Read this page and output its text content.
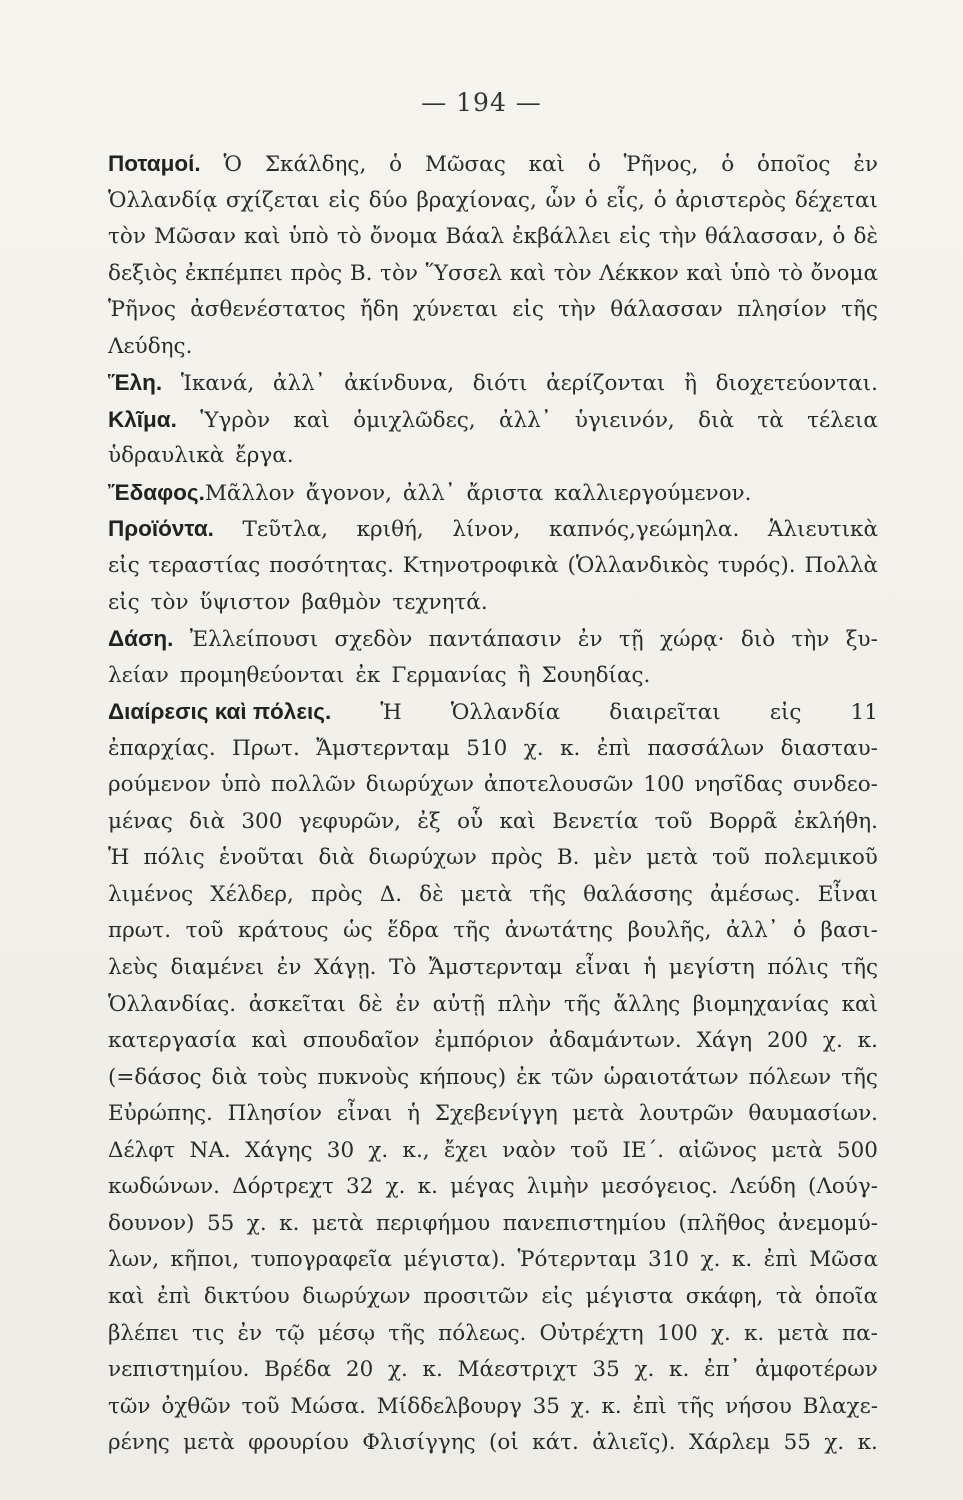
— 194 —
Ποταμοί. Ὁ Σκάλδης, ὁ Μῶσας καὶ ὁ Ῥῆνος, ὁ ὁποῖος ἐν
Ὁλλανδίᾳ σχίζεται εἰς δύο βραχίονας, ὧν ὁ εἷς, ὁ ἀριστερὸς δέχεται
τὸν Μῶσαν καὶ ὑπὸ τὸ ὄνομα Βάαλ ἐκβάλλει εἰς τὴν θάλασσαν, ὁ δὲ
δεξιὸς ἐκπέμπει πρὸς Β. τὸν Ὕσσελ καὶ τὸν Λέκκον καὶ ὑπὸ τὸ ὄνομα
Ῥῆνος ἀσθενέστατος ἤδη χύνεται εἰς τὴν θάλασσαν πλησίον τῆς
Λεύδης.
Ἕλη. Ἱκανά, ἀλλ᾽ ἀκίνδυνα, διότι ἀερίζονται ἢ διοχετεύονται.
Κλῖμα. Ὑγρὸν καὶ ὁμιχλῶδες, ἀλλ᾽ ὑγιεινόν, διὰ τὰ τέλεια
ὑδραυλικὰ ἔργα.
Ἔδαφος. Μᾶλλον ἄγονον, ἀλλ᾽ ἄριστα καλλιεργούμενον.
Προϊόντα. Τεῦτλα, κριθή, λίνον, καπνός,γεώμηλα. Ἁλιευτικὰ
εἰς τεραστίας ποσότητας. Κτηνοτροφικὰ (Ὁλλανδικὸς τυρός). Πολλὰ
εἰς τὸν ὕψιστον βαθμὸν τεχνητά.
Δάση. Ἐλλείπουσι σχεδὸν παντάπασιν ἐν τῇ χώρᾳ· διὸ τὴν ξυ-
λείαν προμηθεύονται ἐκ Γερμανίας ἢ Σουηδίας.
Διαίρεσις καὶ πόλεις. Ἡ Ὁλλανδία διαιρεῖται εἰς 11
ἐπαρχίας. Πρωτ. Ἄμστερνταμ 510 χ. κ. ἐπὶ πασσάλων διασταυ-
ρούμενον ὑπὸ πολλῶν διωρύχων ἀποτελουσῶν 100 νησῖδας συνδεο-
μένας διὰ 300 γεφυρῶν, ἐξ οὗ καὶ Βενετία τοῦ Βορρᾶ ἐκλήθη.
Ἡ πόλις ἑνοῦται διὰ διωρύχων πρὸς Β. μὲν μετὰ τοῦ πολεμικοῦ
λιμένος Χέλδερ, πρὸς Δ. δὲ μετὰ τῆς θαλάσσης ἀμέσως. Εἶναι
πρωτ. τοῦ κράτους ὡς ἕδρα τῆς ἀνωτάτης βουλῆς, ἀλλ᾽ ὁ βασι-
λεὺς διαμένει ἐν Χάγῃ. Τὸ Ἄμστερνταμ εἶναι ἡ μεγίστη πόλις τῆς
Ὁλλανδίας. ἀσκεῖται δὲ ἐν αὐτῇ πλὴν τῆς ἄλλης βιομηχανίας καὶ
κατεργασία καὶ σπουδαῖον ἐμπόριον ἀδαμάντων. Χάγη 200 χ. κ.
(=δάσος διὰ τοὺς πυκνοὺς κήπους) ἐκ τῶν ὡραιοτάτων πόλεων τῆς
Εὐρώπης. Πλησίον εἶναι ἡ Σχεβενίγγη μετὰ λουτρῶν θαυμασίων.
Δέλφτ ΝΑ. Χάγης 30 χ. κ., ἔχει ναὸν τοῦ ΙΕ΄. αἰῶνος μετὰ 500
κωδώνων. Δόρτρεχτ 32 χ. κ. μέγας λιμὴν μεσόγειος. Λεύδη (Λούγ-
δουνον) 55 χ. κ. μετὰ περιφήμου πανεπιστημίου (πλῆθος ἀνεμομύ-
λων, κῆποι, τυπογραφεῖα μέγιστα). Ῥότερνταμ 310 χ. κ. ἐπὶ Μῶσα
καὶ ἐπὶ δικτύου διωρύχων προσιτῶν εἰς μέγιστα σκάφη, τὰ ὁποῖα
βλέπει τις ἐν τῷ μέσῳ τῆς πόλεως. Οὐτρέχτη 100 χ. κ. μετὰ πα-
νεπιστημίου. Βρέδα 20 χ. κ. Μάεστριχτ 35 χ. κ. ἐπ᾽ ἀμφοτέρων
τῶν ὀχθῶν τοῦ Μώσα. Μίδδελβουργ 35 χ. κ. ἐπὶ τῆς νήσου Βλαχε-
ρένης μετὰ φρουρίου Φλισίγγης (οἱ κάτ. ἁλιεῖς). Χάρλεμ 55 χ. κ.
